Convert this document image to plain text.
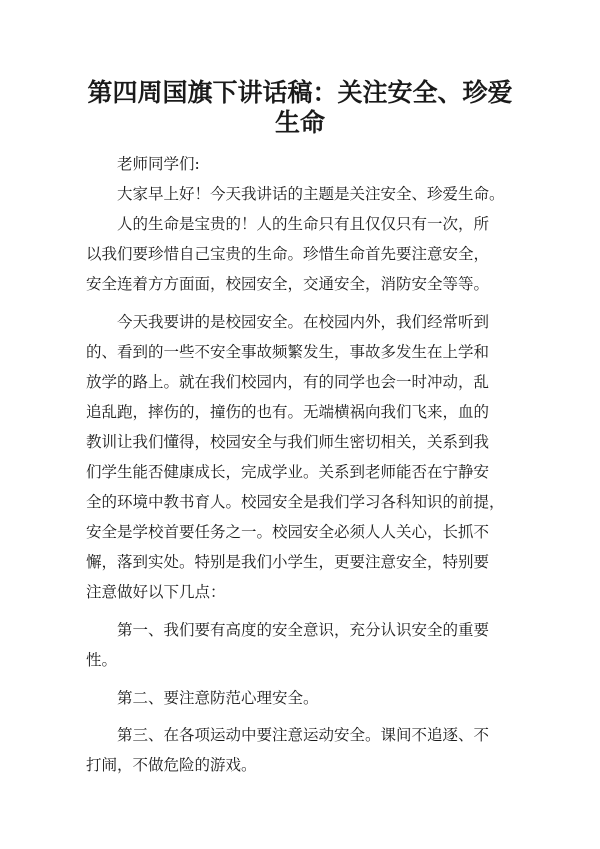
第四周国旗下讲话稿：关注安全、珍爱
生命

老师同学们:

大家早上好！今天我讲话的主题是关注安全、珍爱生命。

人的生命是宝贵的！人的生命只有且仅仅只有一次，所

以我们要珍惜自己宝贵的生命。珍惜生命首先要注意安全，

安全连着方方面面，校园安全，交通安全，消防安全等等。

今天我要讲的是校园安全。在校园内外，我们经常听到

的、看到的一些不安全事故频繁发生，事故多发生在上学和

放学的路上。就在我们校园内，有的同学也会一时冲动，乱

追乱跑，摔伤的，撞伤的也有。无端横祸向我们飞来，血的

教训让我们懂得，校园安全与我们师生密切相关，关系到我

们学生能否健康成长，完成学业。关系到老师能否在宁静安

全的环境中教书育人。校园安全是我们学习各科知识的前提，

安全是学校首要任务之一。校园安全必须人人关心，长抓不

懈，落到实处。特别是我们小学生，更要注意安全，特别要

注意做好以下几点：

第一、我们要有高度的安全意识，充分认识安全的重要

性。

第二、要注意防范心理安全。

第三、在各项运动中要注意运动安全。课间不追逐、不

打闹，不做危险的游戏。
